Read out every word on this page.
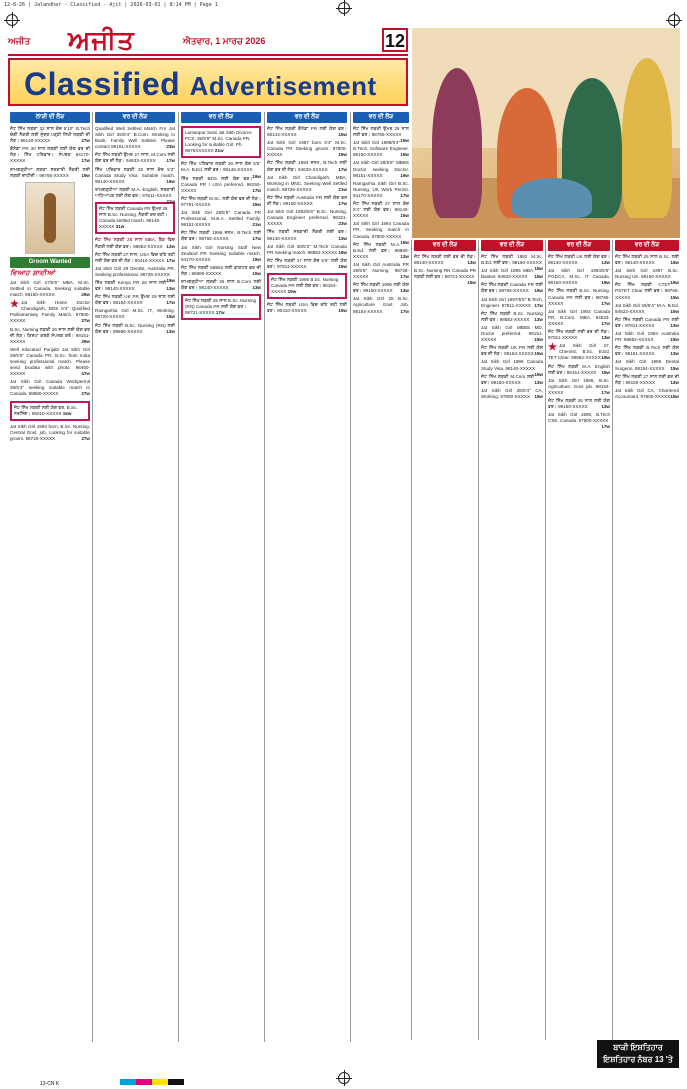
12-8-26 | Jalandhar - Classified - Ajit | 2026-03-01 | 8:14 PM | Page 1
ਅਜੀਤ ਅਜੀਤ	ਐਤਵਾਰ, 1 ਮਾਰਚ 2026	12
Classified Advertisement
ਲਾੜੀ ਦੀ ਲੋੜ

ਜੱਟ ਸਿੱਖ ਲੜਕਾ 32 ਸਾਲ ਕੱਦ 5'10'' B.Tech ਚੰਗੀ ਨੌਕਰੀ ਲਈ ਸੁੰਦਰ ਪੜ੍ਹੀ ਲਿਖੀ ਲੜਕੀ ਦੀ ਲੋੜ। 98140-XXXXX	27w

ਕੈਨੇਡਾ PR 30 ਸਾਲ ਲੜਕੀ ਲਈ ਯੋਗ ਵਰ ਦੀ ਲੋੜ। ਸਿੱਖ ਪਰਿਵਾਰ। ਸੰਪਰਕ 94170-XXXXX	17w

ਰਾਮਗੜ੍ਹੀਆ ਲੜਕਾ ਸਰਕਾਰੀ ਨੌਕਰੀ ਲਈ ਲੜਕੀ ਚਾਹੀਦੀ। 98765-XXXXX	19w

Groom Wanted
ਵਿਆਹ ਸ਼ਾਦੀਆਂ

Jat Sikh Girl 27/5'6'' MBA, M.Sc. Settled in Canada. Seeking suitable match. 98150-XXXXX	25w

★ Jat Sikh Home Doctor Chandigarh, BDS 5'4'' Qualified Parliamentary Family Match. 97800-XXXXX	27w

B.Sc. Nursing ਲੜਕੀ 26 ਸਾਲ ਲਈ ਯੋਗ ਵਰ ਦੀ ਲੋੜ। ਕਿਰਪਾ ਕਰਕੇ ਸੰਪਰਕ ਕਰੋ। 99151-XXXXX	29w

Well educated Punjabi Jat Sikh Girl 29/5'5'' Canada PR, B.Sc. from India seeking professional match. Please send biodata with photo. 96460-XXXXX	47w

Jat Sikh Girl Canada Workpermit 28/5'4'' seeking suitable match in Canada. 98880-XXXXX	27w

ਜੱਟ ਸਿੱਖ ਲੜਕੀ ਲਈ ਯੋਗ ਵਰ, B.Sc. ਨਰਸਿੰਗ। 95010-XXXXX 15w

Jat Sikh Girl 1994 born, B.Sc. Nursing, Central Govt. job. Looking for suitable groom. 98720-XXXXX	27w

ਵਰ ਦੀ ਲੋੜ

Qualified Well Settled Match For Jat Sikh Girl 25/5'4'' B.Com. Working in Bank. Family Well Settled. Please contact 98151-XXXXX	23w

ਜੱਟ ਸਿੱਖ ਲੜਕੀ ਉਮਰ 27 ਸਾਲ, M.Com ਲਈ ਯੋਗ ਵਰ ਦੀ ਲੋੜ। 94633-XXXXX 17w

ਸਿੱਖ ਪਰਿਵਾਰ ਲੜਕੀ 25 ਸਾਲ ਕੱਦ 5'3'' Canada Study Visa. Suitable match. 98140-XXXXX	19w

ਰਾਮਗੜ੍ਹੀਆ ਲੜਕੀ M.A. English, ਸਰਕਾਰੀ ਅਧਿਆਪਕ ਲਈ ਯੋਗ ਵਰ। 97811-XXXXX
21w

ਜੱਟ ਸਿੱਖ ਲੜਕੀ Canada PR ਉਮਰ 26 ਸਾਲ B.Sc. Nursing, ਨੌਕਰੀ ਕਰ ਰਹੀ। Canada settled match. 99145-XXXXX 31w

ਜੱਟ ਸਿੱਖ ਲੜਕੀ 28 ਸਾਲ MBA, ਬੈਂਕ ਵਿਚ ਨੌਕਰੀ ਲਈ ਯੋਗ ਵਰ। 98882-XXXXX 13w

ਜੱਟ ਸਿੱਖ ਲੜਕੀ 27 ਸਾਲ, USA ਵਿਚ ਰਹਿ ਰਹੀ ਲਈ ਯੋਗ ਵਰ ਦੀ ਲੋੜ। 90410-XXXXX 17w

Jat Sikh Girl 29 Dentist, Australia PR. Seeking professional. 98726-XXXXX
15w

ਸਿੱਖ ਲੜਕੀ Kenya PR 26 ਸਾਲ ਲਈ ਵਰ। 98140-XXXXX	13w

ਜੱਟ ਸਿੱਖ ਲੜਕੀ UK PR ਉਮਰ 29 ਸਾਲ ਲਈ ਯੋਗ ਵਰ। 98154-XXXXX	17w

Ramgarhia Girl M.Sc. IT, Working. 98728-XXXXX	15w

ਜੱਟ ਸਿੱਖ ਲੜਕੀ B.Sc. Nursing (RN) ਲਈ ਯੋਗ ਵਰ। 99886-XXXXX	13w

ਵਰ ਦੀ ਲੋੜ
Lamanpur Saini Jat Sikh Divorce PCS. 35/5'8'' M.Sc. Canada PR, Looking for suitable Girl. Ph. 9876XXXXXX 21w

ਜੱਟ ਸਿੱਖ ਪਰਿਵਾਰ ਲੜਕੀ 30 ਸਾਲ ਕੱਦ 5'5'' M.A. B.Ed. ਲਈ ਵਰ। 98146-XXXXX
19w

ਸਿੱਖ ਲੜਕੀ BDS ਲਈ ਯੋਗ ਵਰ। Canada PR / USA preferred. 98150-XXXXX	17w

ਜੱਟ ਸਿੱਖ ਲੜਕੀ M.Sc. ਲਈ ਯੋਗ ਵਰ ਦੀ ਲੋੜ। 97791-XXXXX	15w

Jat Sikh Girl 28/5'5'' Canada PR Professional, M.B.A. Settled Family. 98151-XXXXX	21w

ਜੱਟ ਸਿੱਖ ਲੜਕੀ 1996 ਜਨਮ, B.Tech ਲਈ ਯੋਗ ਵਰ। 98765-XXXXX	17w

Jat Sikh Girl Nursing Staff New Zealand PR Seeking suitable match. 94170-XXXXX	19w

ਜੱਟ ਸਿੱਖ ਲੜਕੀ MBBS ਲਈ ਡਾਕਟਰ ਵਰ ਦੀ ਲੋੜ। 98880-XXXXX	15w

ਰਾਮਗੜ੍ਹੀਆ ਲੜਕੀ 26 ਸਾਲ B.Com ਲਈ ਯੋਗ ਵਰ। 98140-XXXXX	13w

ਜੱਟ ਸਿੱਖ ਲੜਕੀ 25 ਸਾਲ B.Sc. Nursing (RN) Canada PR ਲਈ ਯੋਗ ਵਰ। 98721-XXXXX 17w
ਵਰ ਦੀ ਲੋੜ

ਜੱਟ ਸਿੱਖ ਲੜਕੀ ਕੈਨੇਡਾ PR ਲਈ ਯੋਗ ਵਰ। 98144-XXXXX	15w

Jat Sikh Girl 1997 born 5'4'' M.Sc. Canada PR Seeking groom. 97800-XXXXX	19w

ਜੱਟ ਸਿੱਖ ਲੜਕੀ 1993 ਜਨਮ, B.Tech ਲਈ ਯੋਗ ਵਰ ਦੀ ਲੋੜ। 94633-XXXXX 17w

Jat Sikh Girl Chandigarh, MBA, Working in MNC. Seeking Well Settled match. 98726-XXXXX	21w

ਜੱਟ ਸਿੱਖ ਲੜਕੀ Australia PR ਲਈ ਯੋਗ ਵਰ ਦੀ ਲੋੜ। 99150-XXXXX	17w

Jat Sikh Girl 1993/5'6'' B.Sc. Nursing, Canada Engineer preferred. 98151-XXXXX	23w

ਸਿੱਖ ਲੜਕੀ ਸਰਕਾਰੀ ਨੌਕਰੀ ਲਈ ਵਰ। 98140-XXXXX	13w

Jat Sikh Girl 30/5'3'' M.Tech Canada PR Seeking match. 98882-XXXXX 19w

ਜੱਟ ਸਿੱਖ ਲੜਕੀ 27 ਸਾਲ ਕੱਦ 5'5'' ਲਈ ਯੋਗ ਵਰ। 97811-XXXXX	15w

ਜੱਟ ਸਿੱਖ ਲੜਕੀ 1995 B.Sc. Nursing Canada PR ਲਈ ਯੋਗ ਵਰ। 98154-XXXXX 19w

ਜੱਟ ਸਿੱਖ ਲੜਕੀ USA ਵਿਚ ਰਹਿ ਰਹੀ ਲਈ ਵਰ। 90410-XXXXX	15w

ਵਰ ਦੀ ਲੋੜ

ਜੱਟ ਸਿੱਖ ਲੜਕੀ ਉਮਰ 26 ਸਾਲ ਲਈ ਵਰ। 98765-XXXXX
15w

Jat Sikh Girl 1998/5'4'' B.Tech, Software Engineer. 98150-XXXXX	19w

Jat Sikh Girl 28/5'6'' MBBS Doctor seeking Doctor. 98151-XXXXX	19w

Ramgarhia Sikh Girl B.Sc. Nursing, UK Work Permit. 94170-XXXXX	17w

ਜੱਟ ਸਿੱਖ ਲੜਕੀ 27 ਸਾਲ ਕੱਦ 5'4'' ਲਈ ਯੋਗ ਵਰ। 98140-XXXXX	15w

Jat Sikh Girl 1994 Canada PR, Seeking match in Canada. 97800-XXXXX
19w

ਜੱਟ ਸਿੱਖ ਲੜਕੀ M.A. B.Ed. ਲਈ ਵਰ। 98880-XXXXX	13w

Jat Sikh Girl Australia PR 29/5'5'' Nursing. 98726-XXXXX	17w

ਜੱਟ ਸਿੱਖ ਲੜਕੀ 1996 ਲਈ ਯੋਗ ਵਰ। 99150-XXXXX 13w

Jat Sikh Girl 25 B.Sc. Agriculture Govt Job. 98154-XXXXX	17w

ਵਰ ਦੀ ਲੋੜ

ਜੱਟ ਸਿੱਖ ਲੜਕੀ ਲਈ ਵਰ ਦੀ ਲੋੜ। 98140-XXXXX	13w

B.Sc. Nursing RN Canada PR ਲੜਕੀ ਲਈ ਵਰ। 98721-XXXXX
15w

ਵਰ ਦੀ ਲੋੜ

ਜੱਟ ਸਿੱਖ ਲੜਕੀ 1992 M.Sc. B.Ed. ਲਈ ਵਰ। 98150-XXXXX
15w

Jat Sikh Girl 1995 MBA, Banker. 94633-XXXXX 15w

ਜੱਟ ਸਿੱਖ ਲੜਕੀ Canada PR ਲਈ ਯੋਗ ਵਰ। 98765-XXXXX 15w

Jat Sikh Girl 1997/5'5'' B.Tech, Engineer. 97811-XXXXX 17w

ਜੱਟ ਸਿੱਖ ਲੜਕੀ B.Sc. Nursing ਲਈ ਵਰ। 98882-XXXXX 13w

Jat Sikh Girl MBBS MD, Doctor preferred. 98151-XXXXX	15w

ਜੱਟ ਸਿੱਖ ਲੜਕੀ UK PR ਲਈ ਯੋਗ ਵਰ ਦੀ ਲੋੜ। 98154-XXXXX 15w

Jat Sikh Girl 1996 Canada Study Visa. 98140-XXXXX
15w

ਜੱਟ ਸਿੱਖ ਲੜਕੀ M.Com ਲਈ ਵਰ। 99150-XXXXX	13w

Jat Sikh Girl 28/5'4'' CA, Working. 97800-XXXXX 15w

ਵਰ ਦੀ ਲੋੜ

ਜੱਟ ਸਿੱਖ ਲੜਕੀ UK ਲਈ ਯੋਗ ਵਰ। 98140-XXXXX	13w

Jat Sikh Girl 1994/5'6'' PGDCA, M.Sc. IT Canada. 98150-XXXXX	19w

ਜੱਟ ਸਿੱਖ ਲੜਕੀ B.Sc. Nursing, Canada PR ਲਈ ਵਰ। 98765-XXXXX	17w

Jat Sikh Girl 1993 Canada PR, B.Com, MBA. 94633-XXXXX	17w

ਜੱਟ ਸਿੱਖ ਲੜਕੀ ਲਈ ਵਰ ਦੀ ਲੋੜ। 97811-XXXXX	13w

★ Jat Sikh Girl 27, Chemist, B.Sc. B.Ed. TET Clear. 98882-XXXXX 19w

ਜੱਟ ਸਿੱਖ ਲੜਕੀ M.A. English ਲਈ ਵਰ। 98151-XXXXX 15w

Jat Sikh Girl 1995, B.Sc. Agriculture, Govt job. 98154-XXXXX	17w

ਜੱਟ ਸਿੱਖ ਲੜਕੀ 26 ਸਾਲ ਲਈ ਯੋਗ ਵਰ। 99150-XXXXX	13w

Jat Sikh Girl 1996, B.Tech CSE, Canada. 97800-XXXXX
17w

ਵਰ ਦੀ ਲੋੜ

ਜੱਟ ਸਿੱਖ ਲੜਕੀ 25 ਸਾਲ B.Sc. ਲਈ ਵਰ। 98140-XXXXX	15w

Jat Sikh Girl 1997 B.Sc. Nursing UK. 98150-XXXXX
15w

ਜੱਟ ਸਿੱਖ ਲੜਕੀ CTET PSTET Clear ਲਈ ਵਰ। 98765-XXXXX	15w

Jat Sikh Girl 28/5'4'' M.A. B.Ed. 94633-XXXXX	15w

ਜੱਟ ਸਿੱਖ ਲੜਕੀ Canada PR ਲਈ ਵਰ। 97811-XXXXX	13w

Jat Sikh Girl 1994 Australia PR. 98882-XXXXX	15w

ਜੱਟ ਸਿੱਖ ਲੜਕੀ B.Tech ਲਈ ਯੋਗ ਵਰ। 98151-XXXXX	13w

Jat Sikh Girl 1996 Dental Surgeon. 98154-XXXXX 15w

ਜੱਟ ਸਿੱਖ ਲੜਕੀ 27 ਸਾਲ ਲਈ ਵਰ ਦੀ ਲੋੜ। 99150-XXXXX	13w

Jat Sikh Girl CA, Chartered Accountant. 97800-XXXXX 15w

ਬਾਕੀ ਇਸ਼ਤਿਹਾਰ
ਇਸ਼ਤਿਹਾਰ ਨੰਬਰ 13 'ਤੇ
13-CN K
